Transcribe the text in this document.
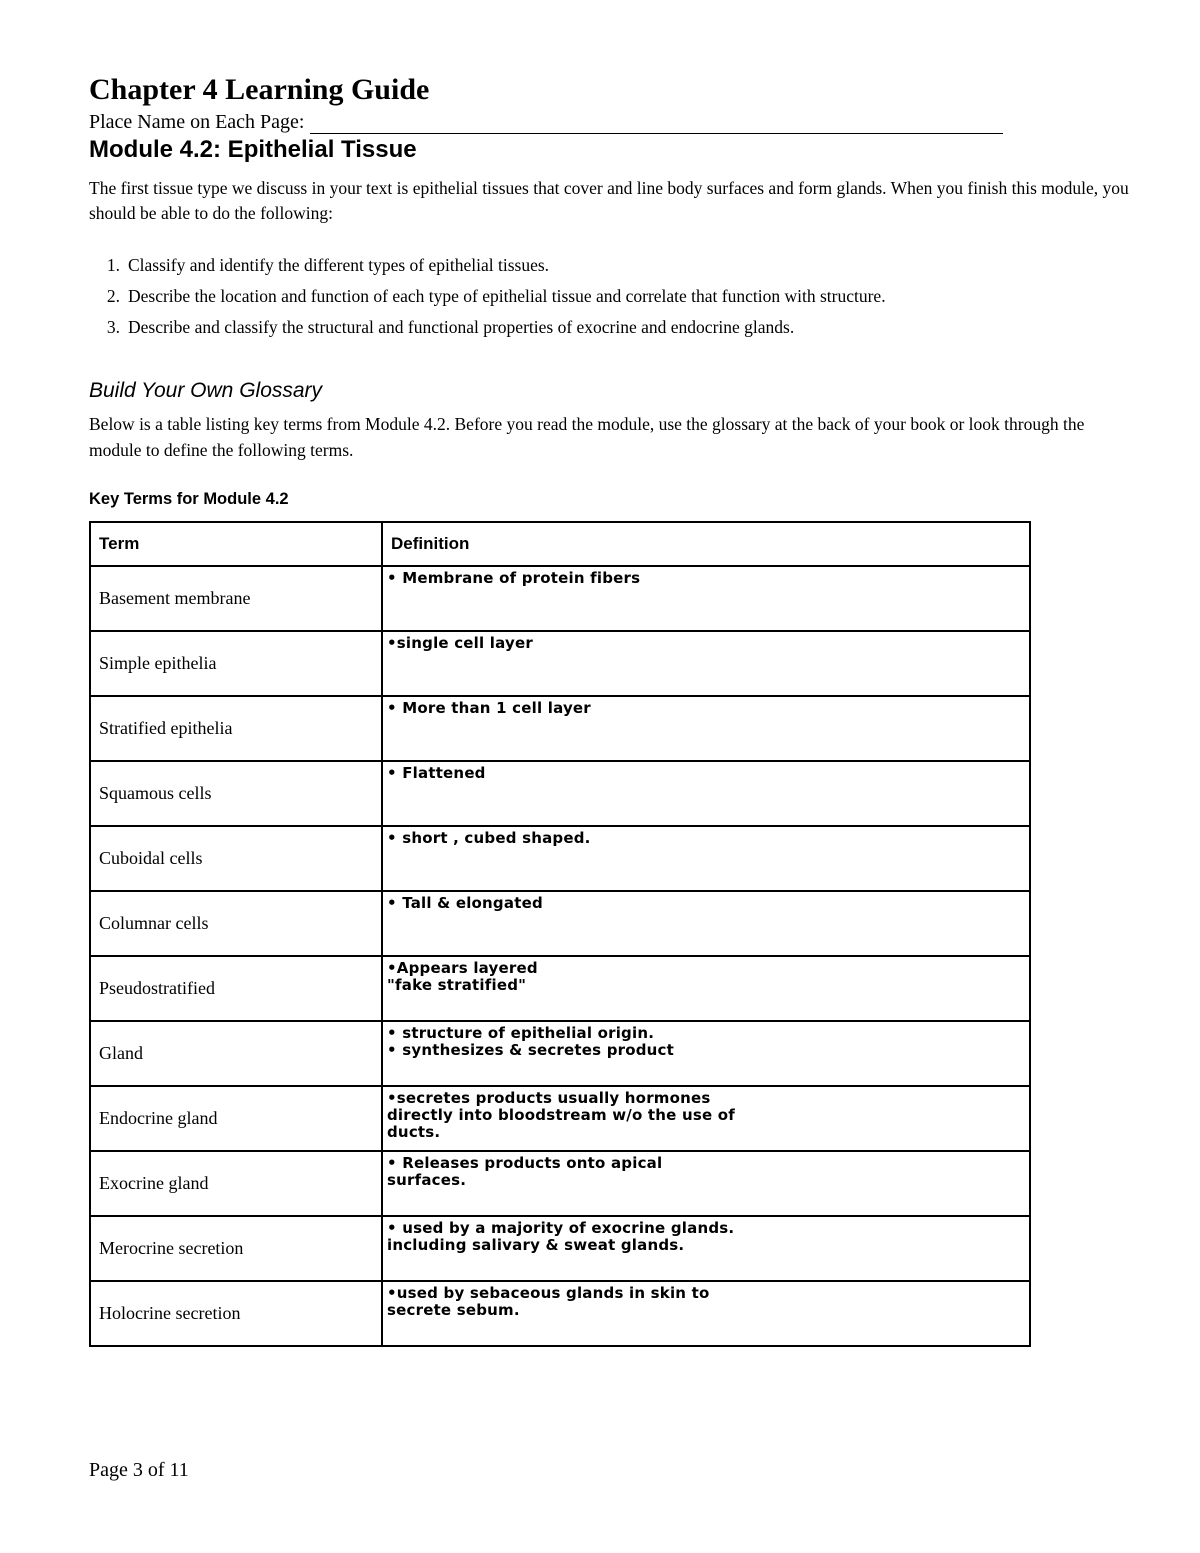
Chapter 4 Learning Guide
Place Name on Each Page:
Module 4.2: Epithelial Tissue

The first tissue type we discuss in your text is epithelial tissues that cover and line body surfaces and form glands. When you finish this module, you should be able to do the following:

1. Classify and identify the different types of epithelial tissues.
2. Describe the location and function of each type of epithelial tissue and correlate that function with structure.
3. Describe and classify the structural and functional properties of exocrine and endocrine glands.
Build Your Own Glossary

Below is a table listing key terms from Module 4.2. Before you read the module, use the glossary at the back of your book or look through the module to define the following terms.

Key Terms for Module 4.2
Term	Definition
Basement membrane	• Membrane of protein fibers
Simple epithelia	•single cell layer
Stratified epithelia	• More than 1 cell layer
Squamous cells	• Flattened
Cuboidal cells	• short , cubed shaped.
Columnar cells	• Tall & elongated
Pseudostratified	•Appears layered
"fake stratified"
Gland	• structure of epithelial origin.
• synthesizes & secretes product
Endocrine gland	•secretes products usually hormones
directly into bloodstream w/o the use of
ducts.
Exocrine gland	• Releases products onto apical
surfaces.
Merocrine secretion	• used by a majority of exocrine glands.
including salivary & sweat glands.
Holocrine secretion	•used by sebaceous glands in skin to
secrete sebum.
Page 3 of 11
